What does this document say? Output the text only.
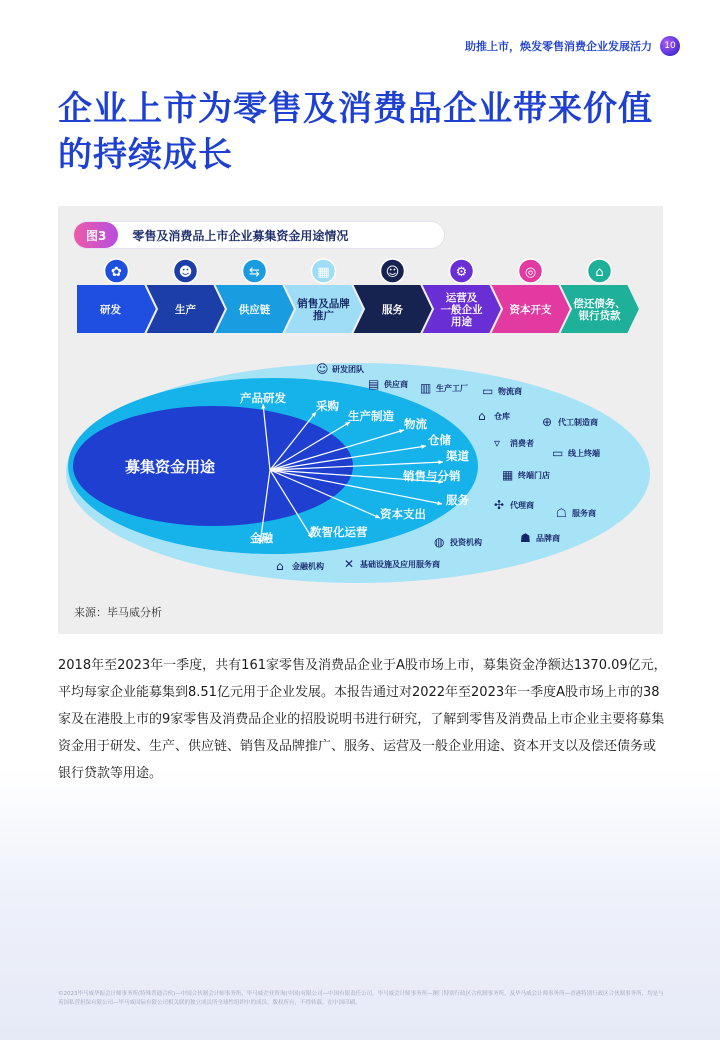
助推上市，焕发零售消费企业发展活力	10
企业上市为零售及消费品企业带来价值的持续成长
图3	零售及消费品上市企业募集资金用途情况
研发
✿
生产
☻
供应链
⇆
销售及品牌
推广
▦
服务
☺
运营及
一般企业
用途
⚙
资本开支
◎
偿还债务、
银行贷款
⌂
募集资金用途
产品研发
采购
生产制造
物流
仓储
渠道
销售与分销
服务
资本支出
数智化运营
金融
☺ 研发团队
▤ 供应商 ▥ 生产工厂 ▭ 物流商
⌂ 仓库	⊕ 代工制造商
▿ 消费者
▭ 线上终端
▦ 终端门店
✣ 代理商
☖ 服务商
☗ 品牌商
◍ 投资机构
✕ 基础设施及应用服务商
⌂ 金融机构
来源：毕马威分析

2018年至2023年一季度，共有161家零售及消费品企业于A股市场上市，募集资金净额达1370.09亿元，平均每家企业能募集到8.51亿元用于企业发展。本报告通过对2022年至2023年一季度A股市场上市的38家及在港股上市的9家零售及消费品企业的招股说明书进行研究，了解到零售及消费品上市企业主要将募集资金用于研发、生产、供应链、销售及品牌推广、服务、运营及一般企业用途、资本开支以及偿还债务或银行贷款等用途。

©2023毕马威华振会计师事务所(特殊普通合伙)—中国合伙制会计师事务所，毕马威企业咨询(中国)有限公司—中国有限责任公司，毕马威会计师事务所—澳门特别行政区合伙制事务所，及毕马威会计师事务所—香港特别行政区合伙制事务所，均是与英国私营担保有限公司—毕马威国际有限公司相关联的独立成员所全球性组织中的成员。版权所有，不得转载。在中国印刷。
